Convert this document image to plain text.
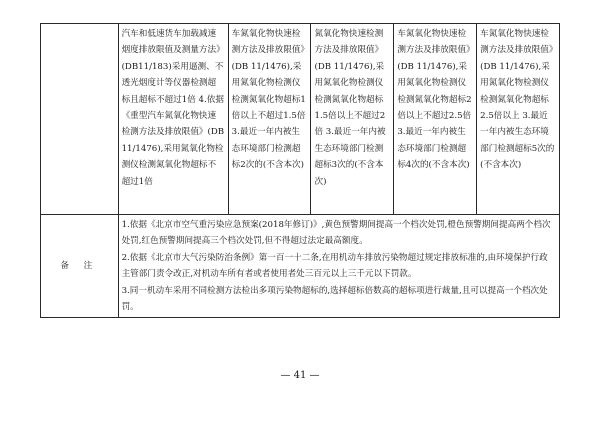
	汽车和低速货车加载减速烟度排放限值及测量方法》(DB11/183)采用逼测、不透光烟度计等仪器检测超标且超标不超过1倍 4.依据《重型汽车氮氧化物快速检测方法及排放限值》(DB 11/1476),采用氮氧化物检测仪检测氮氧化物超标不超过1倍	车氮氧化物快速检测方法及排放限值》(DB 11/1476),采用氮氧化物检测仪检测氮氧化物超标1倍以上不超过1.5倍 3.最近一年内被生态环境部门检测超标2次的(不含本次)	氮氧化物快速检测方法及排放限值》(DB 11/1476),采用氮氧化物检测仪检测氮氧化物超标1.5倍以上不超过2倍 3.最近一年内被生态环境部门检测超标3次的(不含本次)	车氮氧化物快速检测方法及排放限值》(DB 11/1476),采用氮氧化物检测仪检测氮氧化物超标2倍以上不超过2.5倍 3.最近一年内被生态环境部门检测超标4次的(不含本次)	车氮氧化物快速检测方法及排放限值》(DB 11/1476),采用氮氧化物检测仪检测氮氧化物超标2.5倍以上 3.最近一年内被生态环境部门检测超标5次的(不含本次)
备 注	1.依据《北京市空气重污染应急预案(2018年修订)》,黄色预警期间提高一个档次处罚,橙色预警期间提高两个档次处罚,红色预警期间提高三个档次处罚,但不得超过法定最高额度。
2.依据《北京市大气污染防治条例》第一百一十二条,在用机动车排放污染物超过规定排放标准的,由环境保护行政主管部门责令改正,对机动车所有者或者使用者处三百元以上三千元以下罚款。
3.同一机动车采用不同检测方法检出多项污染物超标的,选择超标倍数高的超标项进行裁量,且可以提高一个档次处罚。				
— 41 —
